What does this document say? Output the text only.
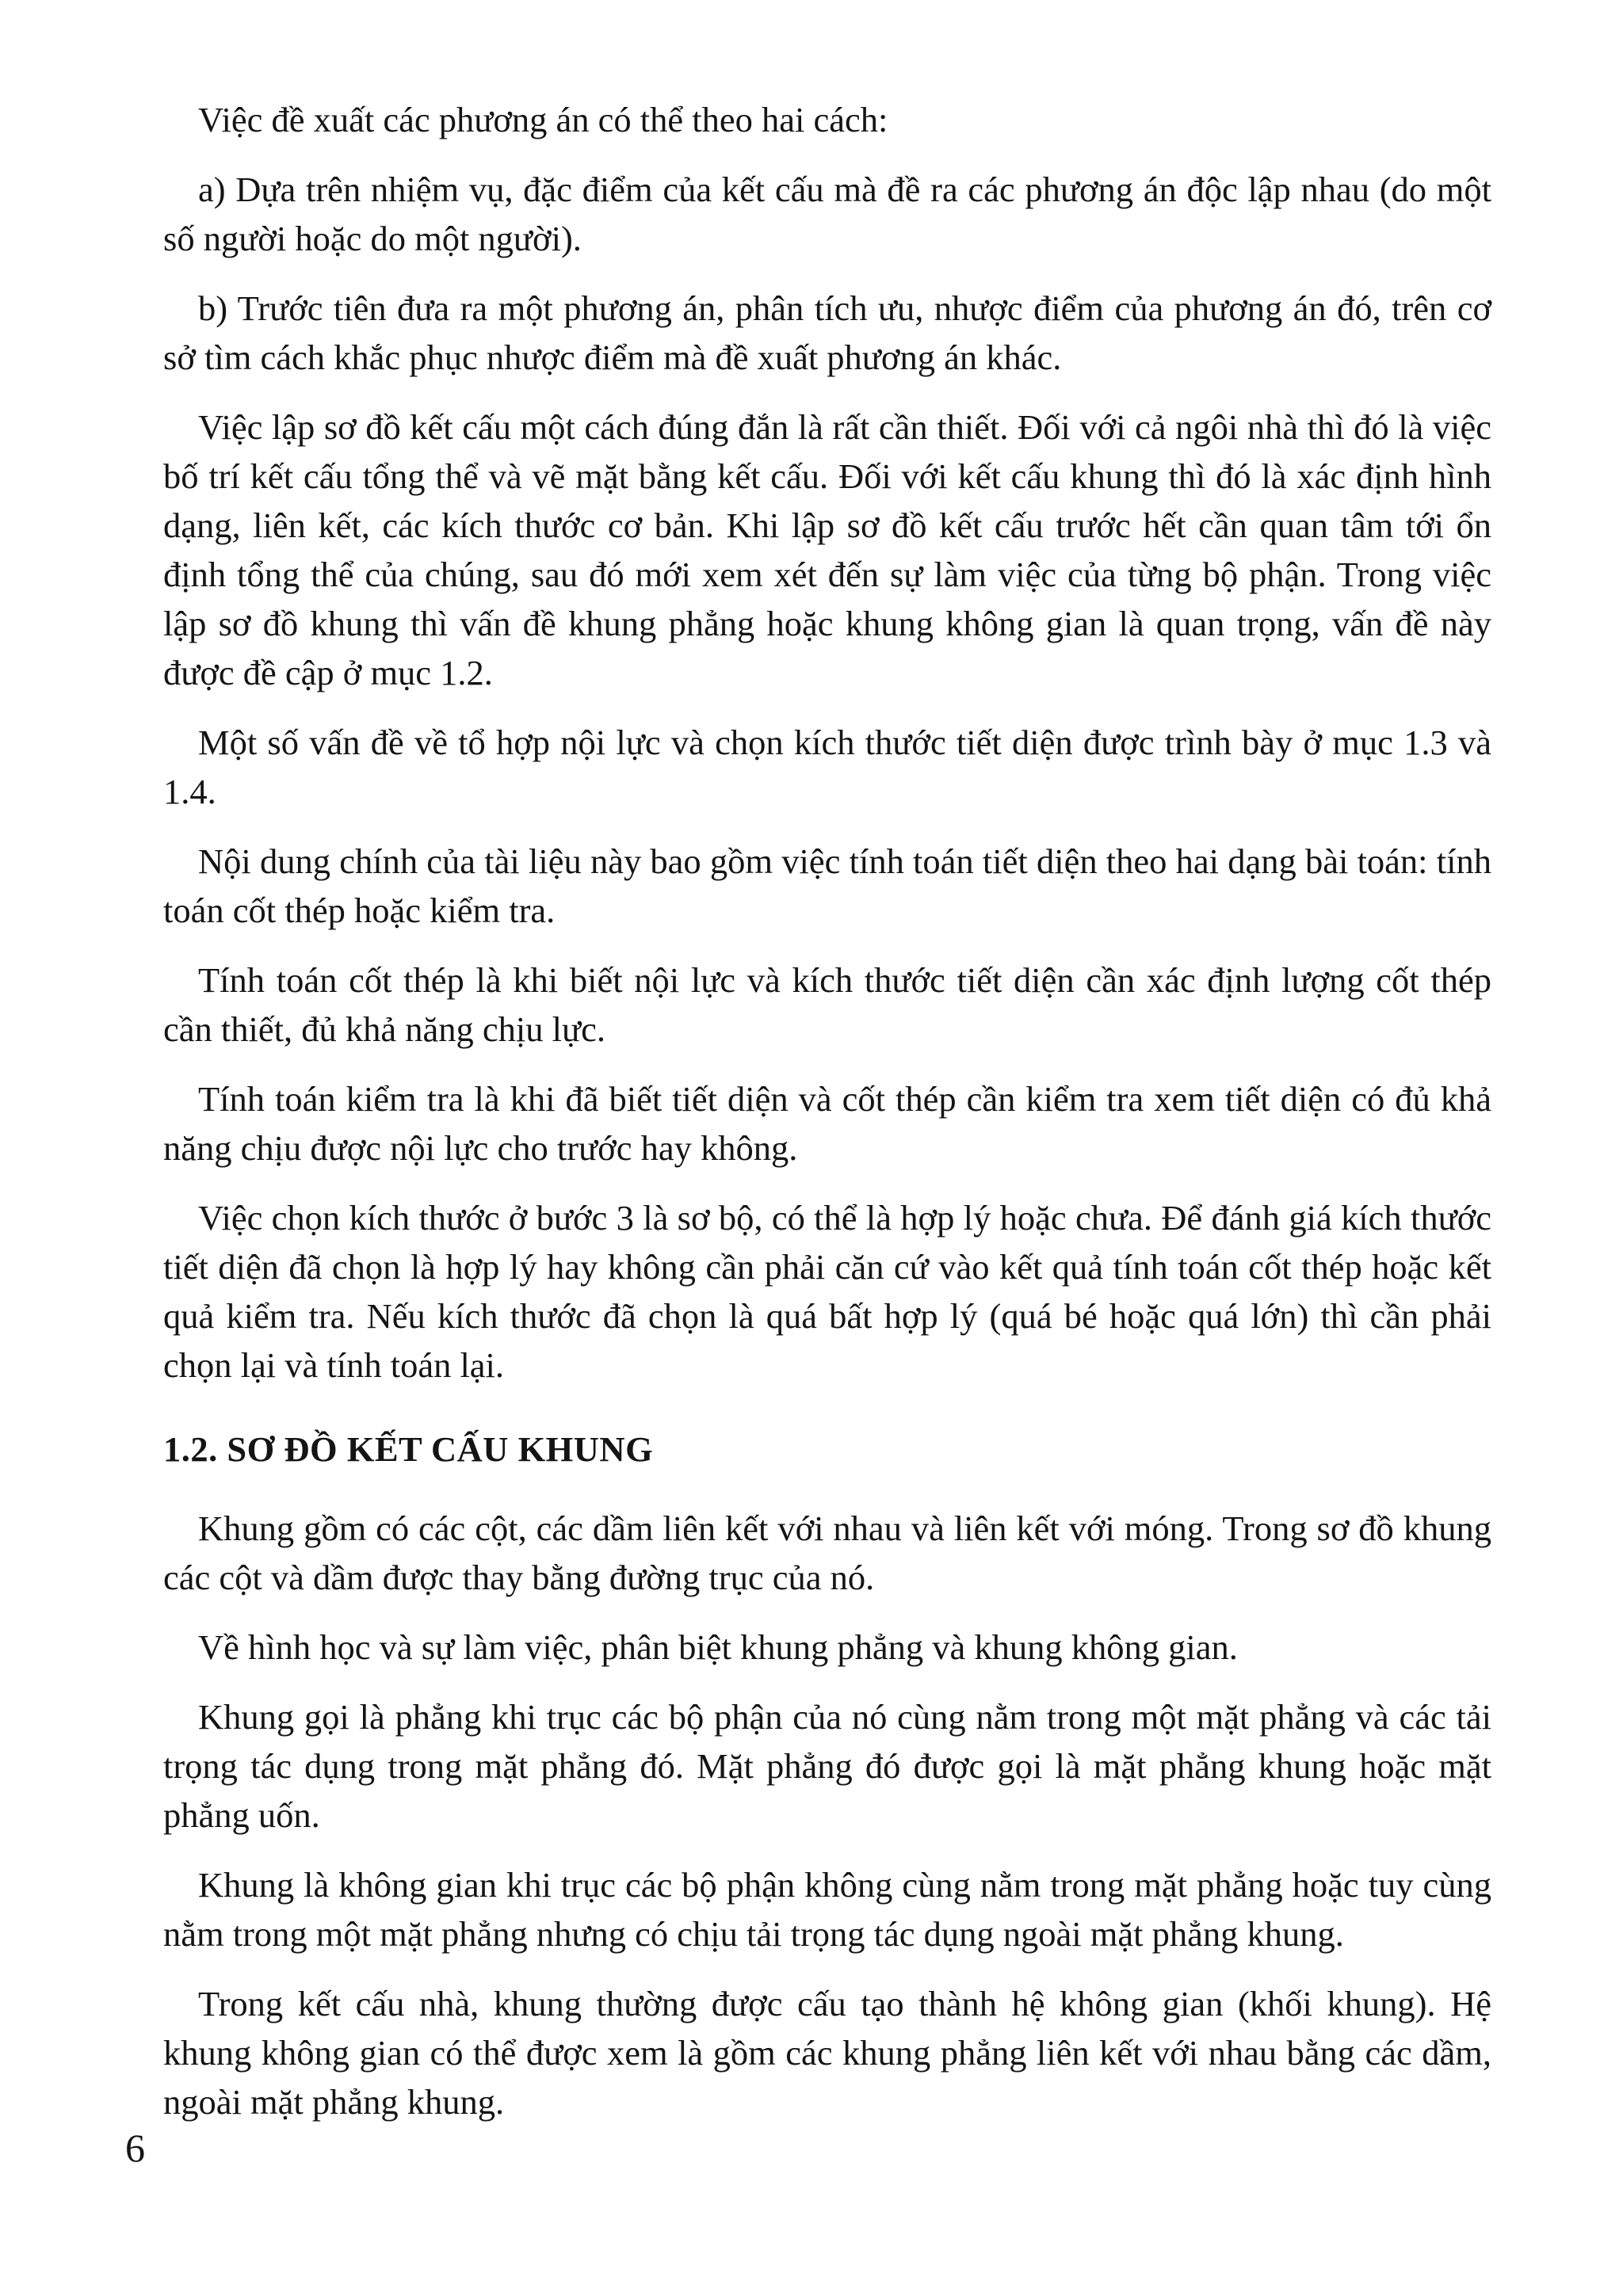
Việc đề xuất các phương án có thể theo hai cách:

a) Dựa trên nhiệm vụ, đặc điểm của kết cấu mà đề ra các phương án độc lập nhau (do một số người hoặc do một người).

b) Trước tiên đưa ra một phương án, phân tích ưu, nhược điểm của phương án đó, trên cơ sở tìm cách khắc phục nhược điểm mà đề xuất phương án khác.

Việc lập sơ đồ kết cấu một cách đúng đắn là rất cần thiết. Đối với cả ngôi nhà thì đó là việc bố trí kết cấu tổng thể và vẽ mặt bằng kết cấu. Đối với kết cấu khung thì đó là xác định hình dạng, liên kết, các kích thước cơ bản. Khi lập sơ đồ kết cấu trước hết cần quan tâm tới ổn định tổng thể của chúng, sau đó mới xem xét đến sự làm việc của từng bộ phận. Trong việc lập sơ đồ khung thì vấn đề khung phẳng hoặc khung không gian là quan trọng, vấn đề này được đề cập ở mục 1.2.

Một số vấn đề về tổ hợp nội lực và chọn kích thước tiết diện được trình bày ở mục 1.3 và 1.4.

Nội dung chính của tài liệu này bao gồm việc tính toán tiết diện theo hai dạng bài toán: tính toán cốt thép hoặc kiểm tra.

Tính toán cốt thép là khi biết nội lực và kích thước tiết diện cần xác định lượng cốt thép cần thiết, đủ khả năng chịu lực.

Tính toán kiểm tra là khi đã biết tiết diện và cốt thép cần kiểm tra xem tiết diện có đủ khả năng chịu được nội lực cho trước hay không.

Việc chọn kích thước ở bước 3 là sơ bộ, có thể là hợp lý hoặc chưa. Để đánh giá kích thước tiết diện đã chọn là hợp lý hay không cần phải căn cứ vào kết quả tính toán cốt thép hoặc kết quả kiểm tra. Nếu kích thước đã chọn là quá bất hợp lý (quá bé hoặc quá lớn) thì cần phải chọn lại và tính toán lại.

1.2. SƠ ĐỒ KẾT CẤU KHUNG

Khung gồm có các cột, các dầm liên kết với nhau và liên kết với móng. Trong sơ đồ khung các cột và dầm được thay bằng đường trục của nó.

Về hình học và sự làm việc, phân biệt khung phẳng và khung không gian.

Khung gọi là phẳng khi trục các bộ phận của nó cùng nằm trong một mặt phẳng và các tải trọng tác dụng trong mặt phẳng đó. Mặt phẳng đó được gọi là mặt phẳng khung hoặc mặt phẳng uốn.

Khung là không gian khi trục các bộ phận không cùng nằm trong mặt phẳng hoặc tuy cùng nằm trong một mặt phẳng nhưng có chịu tải trọng tác dụng ngoài mặt phẳng khung.

Trong kết cấu nhà, khung thường được cấu tạo thành hệ không gian (khối khung). Hệ khung không gian có thể được xem là gồm các khung phẳng liên kết với nhau bằng các dầm, ngoài mặt phẳng khung.

6
